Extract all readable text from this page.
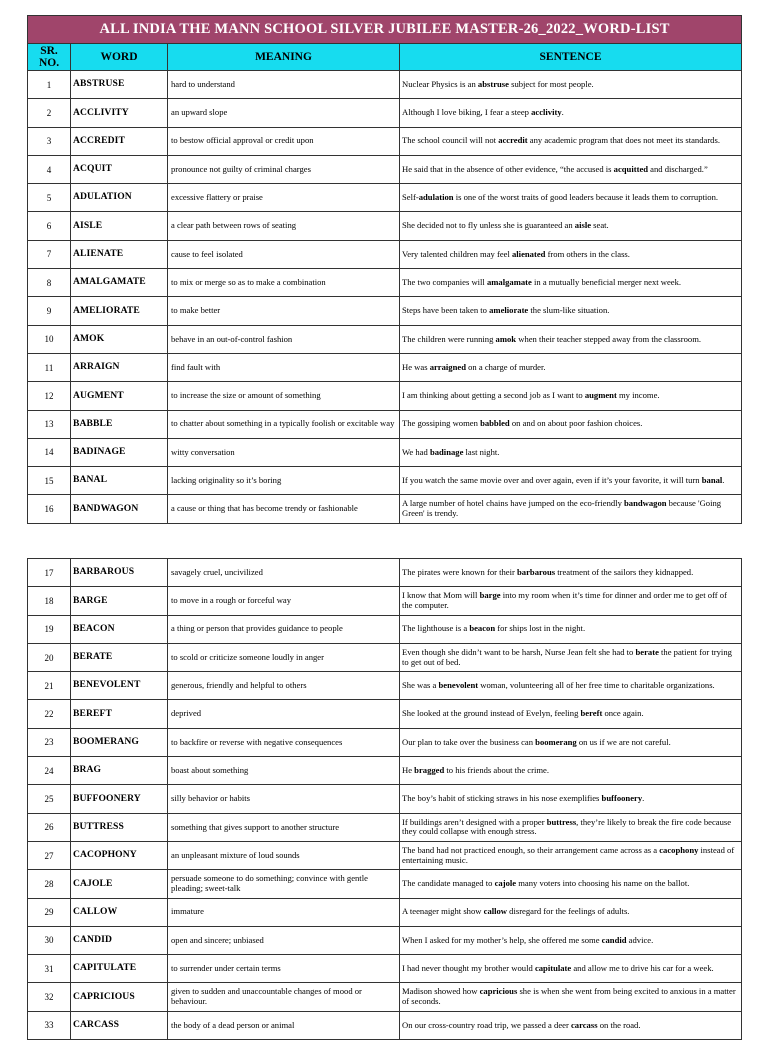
ALL INDIA THE MANN SCHOOL SILVER JUBILEE MASTER-26_2022_WORD-LIST			
SR. NO.	WORD	MEANING	SENTENCE
1	ABSTRUSE	hard to understand	Nuclear Physics is an abstruse subject for most people.
2	ACCLIVITY	an upward slope	Although I love biking, I fear a steep acclivity.
3	ACCREDIT	to bestow official approval or credit upon	The school council will not accredit any academic program that does not meet its standards.
4	ACQUIT	pronounce not guilty of criminal charges	He said that in the absence of other evidence, “the accused is acquitted and discharged.”
5	ADULATION	excessive flattery or praise	Self-adulation is one of the worst traits of good leaders because it leads them to corruption.
6	AISLE	a clear path between rows of seating	She decided not to fly unless she is guaranteed an aisle seat.
7	ALIENATE	cause to feel isolated	Very talented children may feel alienated from others in the class.
8	AMALGAMATE	to mix or merge so as to make a combination	The two companies will amalgamate in a mutually beneficial merger next week.
9	AMELIORATE	to make better	Steps have been taken to ameliorate the slum-like situation.
10	AMOK	behave in an out-of-control fashion	The children were running amok when their teacher stepped away from the classroom.
11	ARRAIGN	find fault with	He was arraigned on a charge of murder.
12	AUGMENT	to increase the size or amount of something	I am thinking about getting a second job as I want to augment my income.
13	BABBLE	to chatter about something in a typically foolish or excitable way	The gossiping women babbled on and on about poor fashion choices.
14	BADINAGE	witty conversation	We had badinage last night.
15	BANAL	lacking originality so it’s boring	If you watch the same movie over and over again, even if it’s your favorite, it will turn banal.
16	BANDWAGON	a cause or thing that has become trendy or fashionable	A large number of hotel chains have jumped on the eco-friendly bandwagon because 'Going Green' is trendy.
17	BARBAROUS	savagely cruel, uncivilized	The pirates were known for their barbarous treatment of the sailors they kidnapped.
18	BARGE	to move in a rough or forceful way	I know that Mom will barge into my room when it’s time for dinner and order me to get off of the computer.
19	BEACON	a thing or person that provides guidance to people	The lighthouse is a beacon for ships lost in the night.
20	BERATE	to scold or criticize someone loudly in anger	Even though she didn’t want to be harsh, Nurse Jean felt she had to berate the patient for trying to get out of bed.
21	BENEVOLENT	generous, friendly and helpful to others	She was a benevolent woman, volunteering all of her free time to charitable organizations.
22	BEREFT	deprived	She looked at the ground instead of Evelyn, feeling bereft once again.
23	BOOMERANG	to backfire or reverse with negative consequences	Our plan to take over the business can boomerang on us if we are not careful.
24	BRAG	boast about something	He bragged to his friends about the crime.
25	BUFFOONERY	silly behavior or habits	The boy’s habit of sticking straws in his nose exemplifies buffoonery.
26	BUTTRESS	something that gives support to another structure	If buildings aren’t designed with a proper buttress, they’re likely to break the fire code because they could collapse with enough stress.
27	CACOPHONY	an unpleasant mixture of loud sounds	The band had not practiced enough, so their arrangement came across as a cacophony instead of entertaining music.
28	CAJOLE	persuade someone to do something; convince with gentle pleading; sweet-talk	The candidate managed to cajole many voters into choosing his name on the ballot.
29	CALLOW	immature	A teenager might show callow disregard for the feelings of adults.
30	CANDID	open and sincere; unbiased	When I asked for my mother’s help, she offered me some candid advice.
31	CAPITULATE	to surrender under certain terms	I had never thought my brother would capitulate and allow me to drive his car for a week.
32	CAPRICIOUS	given to sudden and unaccountable changes of mood or behaviour.	Madison showed how capricious she is when she went from being excited to anxious in a matter of seconds.
33	CARCASS	the body of a dead person or animal	On our cross-country road trip, we passed a deer carcass on the road.
